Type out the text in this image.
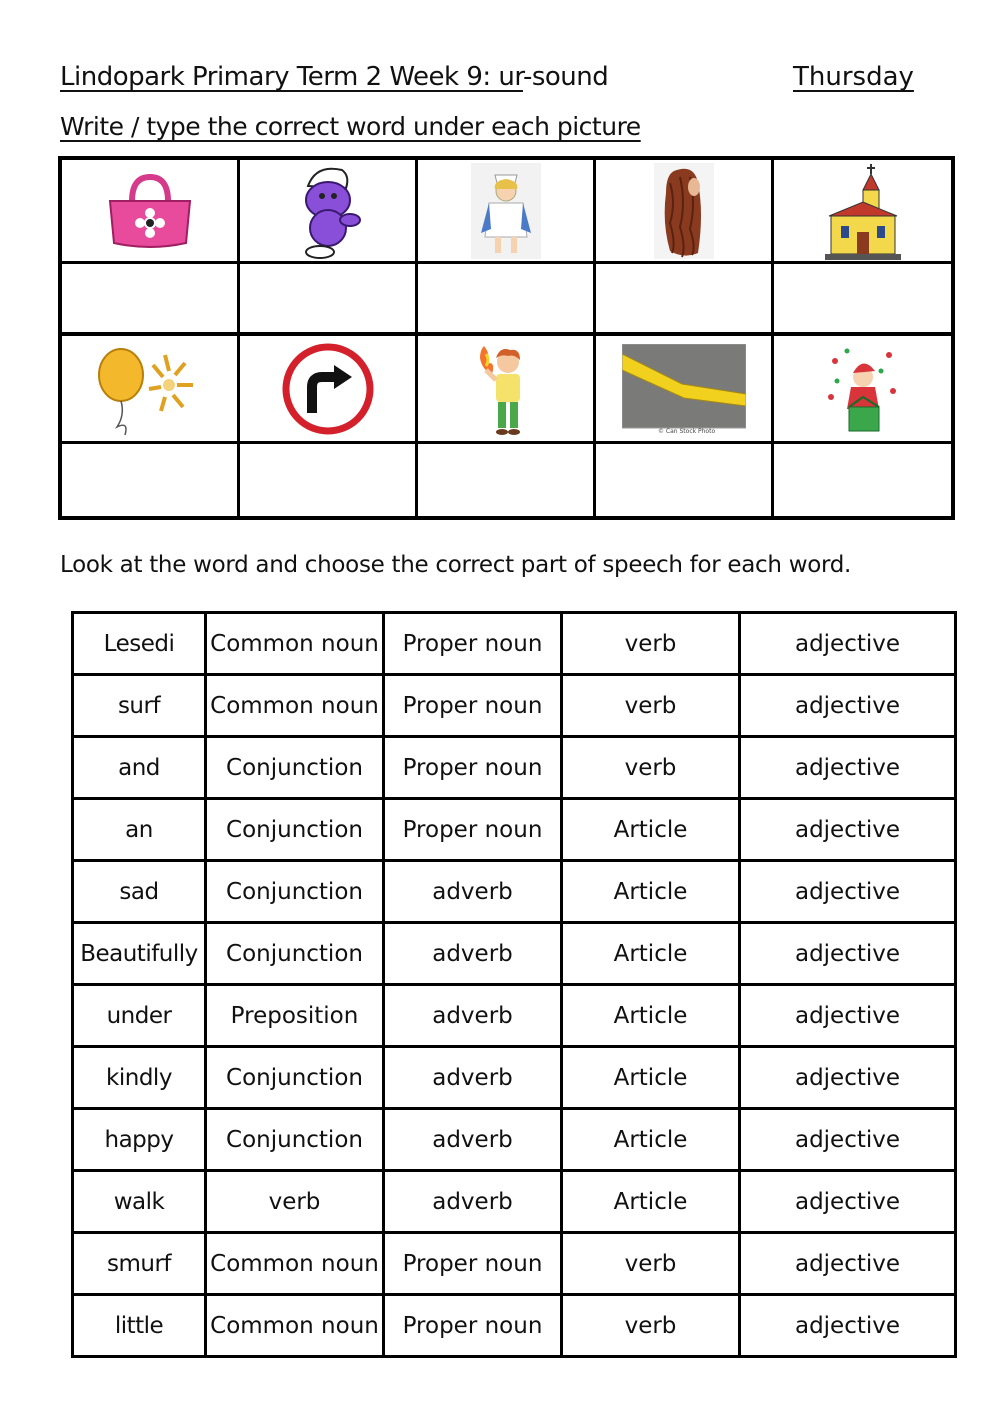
Lindopark Primary Term 2 Week 9: ur-sound	Thursday
Write / type the correct word under each picture
© Can Stock Photo
Look at the word and choose the correct part of speech for each word.
Lesedi	Common noun	Proper noun	verb	adjective
surf	Common noun	Proper noun	verb	adjective
and	Conjunction	Proper noun	verb	adjective
an	Conjunction	Proper noun	Article	adjective
sad	Conjunction	adverb	Article	adjective
Beautifully	Conjunction	adverb	Article	adjective
under	Preposition	adverb	Article	adjective
kindly	Conjunction	adverb	Article	adjective
happy	Conjunction	adverb	Article	adjective
walk	verb	adverb	Article	adjective
smurf	Common noun	Proper noun	verb	adjective
little	Common noun	Proper noun	verb	adjective
